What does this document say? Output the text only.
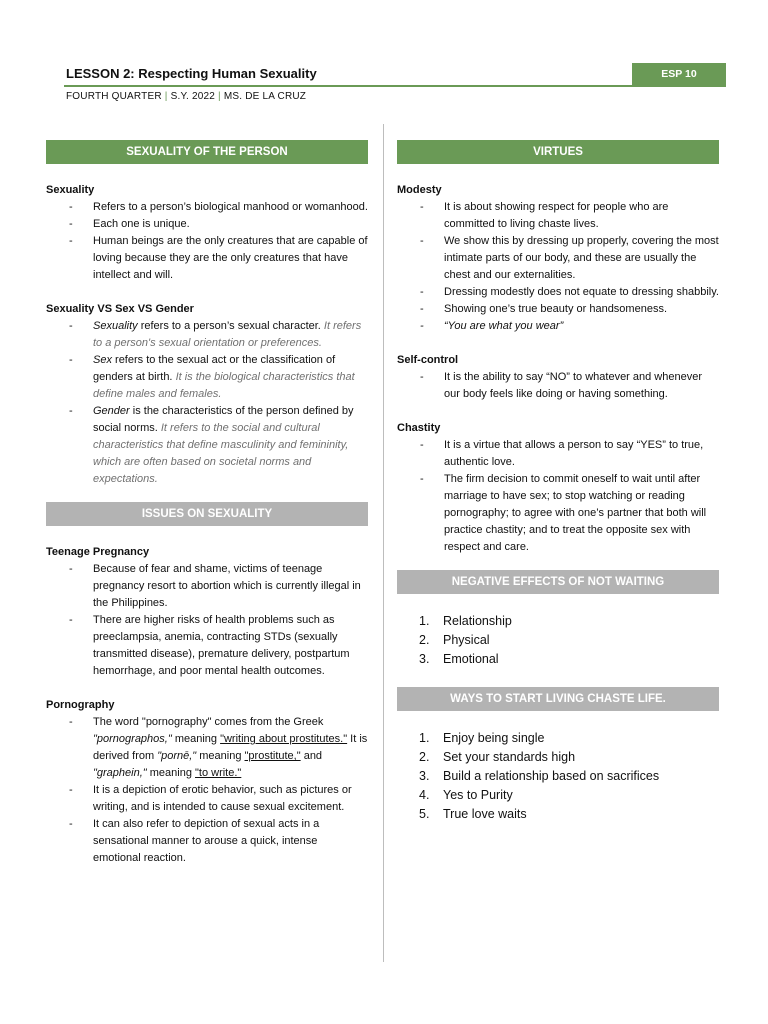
LESSON 2: Respecting Human Sexuality	ESP 10
FOURTH QUARTER | S.Y. 2022 | MS. DE LA CRUZ
SEXUALITY OF THE PERSON
Sexuality
- Refers to a person’s biological manhood or womanhood.
- Each one is unique.
- Human beings are the only creatures that are capable of loving because they are the only creatures that have intellect and will.
Sexuality VS Sex VS Gender
- Sexuality refers to a person’s sexual character. It refers to a person's sexual orientation or preferences.
- Sex refers to the sexual act or the classification of genders at birth. It is the biological characteristics that define males and females.
- Gender is the characteristics of the person defined by social norms. It refers to the social and cultural characteristics that define masculinity and femininity, which are often based on societal norms and expectations.
ISSUES ON SEXUALITY
Teenage Pregnancy
- Because of fear and shame, victims of teenage pregnancy resort to abortion which is currently illegal in the Philippines.
- There are higher risks of health problems such as preeclampsia, anemia, contracting STDs (sexually transmitted disease), premature delivery, postpartum hemorrhage, and poor mental health outcomes.
Pornography
- The word "pornography" comes from the Greek "pornographos," meaning "writing about prostitutes." It is derived from "pornē," meaning "prostitute," and "graphein," meaning "to write."
- It is a depiction of erotic behavior, such as pictures or writing, and is intended to cause sexual excitement.
- It can also refer to depiction of sexual acts in a sensational manner to arouse a quick, intense emotional reaction.
VIRTUES
Modesty
- It is about showing respect for people who are committed to living chaste lives.
- We show this by dressing up properly, covering the most intimate parts of our body, and these are usually the chest and our externalities.
- Dressing modestly does not equate to dressing shabbily.
- Showing one’s true beauty or handsomeness.
- “You are what you wear”
Self-control
- It is the ability to say “NO” to whatever and whenever our body feels like doing or having something.
Chastity
- It is a virtue that allows a person to say “YES” to true, authentic love.
- The firm decision to commit oneself to wait until after marriage to have sex; to stop watching or reading pornography; to agree with one’s partner that both will practice chastity; and to treat the opposite sex with respect and care.
NEGATIVE EFFECTS OF NOT WAITING
1. Relationship
2. Physical
3. Emotional
WAYS TO START LIVING CHASTE LIFE.
1. Enjoy being single
2. Set your standards high
3. Build a relationship based on sacrifices
4. Yes to Purity
5. True love waits
